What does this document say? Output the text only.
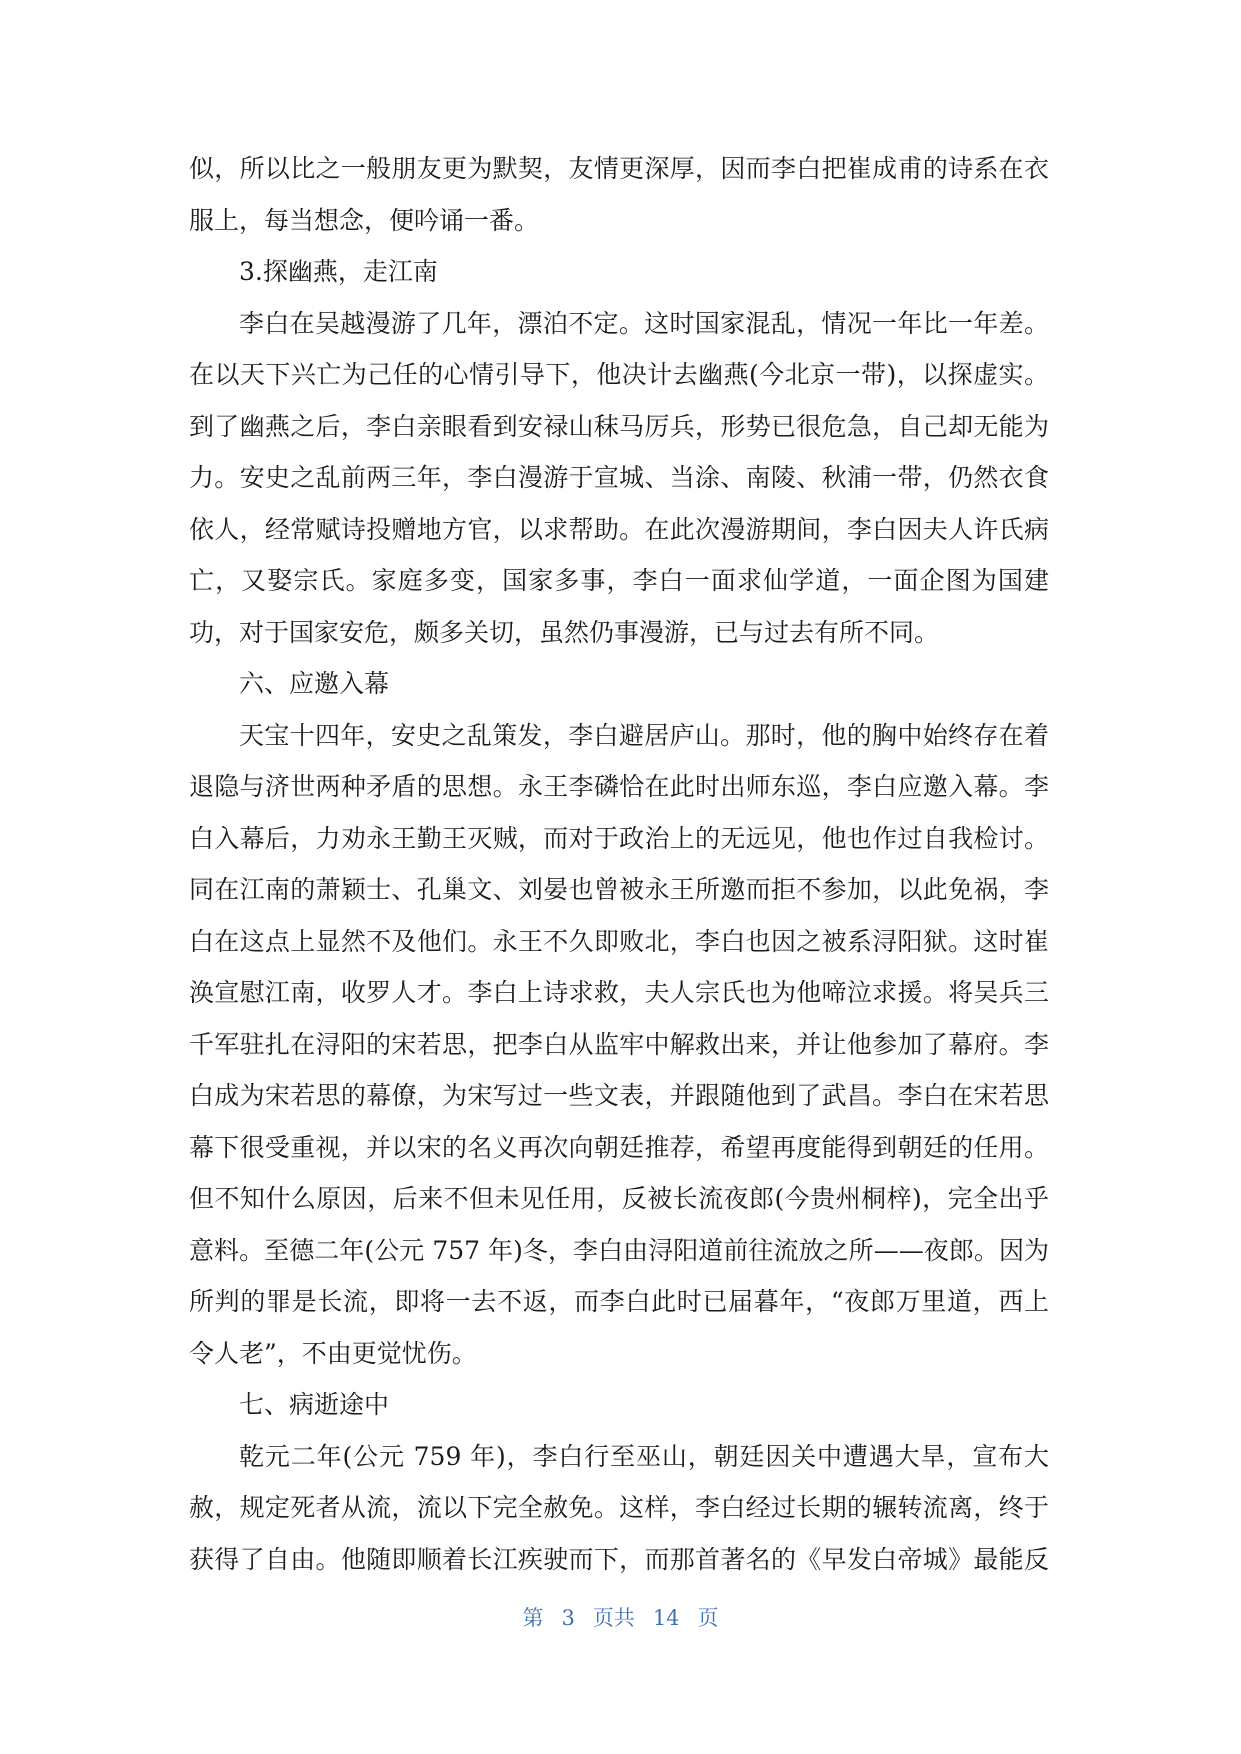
似，所以比之一般朋友更为默契，友情更深厚，因而李白把崔成甫的诗系在衣
服上，每当想念，便吟诵一番。
3.探幽燕，走江南
李白在吴越漫游了几年，漂泊不定。这时国家混乱，情况一年比一年差。
在以天下兴亡为己任的心情引导下，他决计去幽燕(今北京一带)，以探虚实。
到了幽燕之后，李白亲眼看到安禄山秣马厉兵，形势已很危急，自己却无能为
力。安史之乱前两三年，李白漫游于宣城、当涂、南陵、秋浦一带，仍然衣食
依人，经常赋诗投赠地方官，以求帮助。在此次漫游期间，李白因夫人许氏病
亡，又娶宗氏。家庭多变，国家多事，李白一面求仙学道，一面企图为国建
功，对于国家安危，颇多关切，虽然仍事漫游，已与过去有所不同。
六、应邀入幕
天宝十四年，安史之乱策发，李白避居庐山。那时，他的胸中始终存在着
退隐与济世两种矛盾的思想。永王李磷恰在此时出师东巡，李白应邀入幕。李
白入幕后，力劝永王勤王灭贼，而对于政治上的无远见，他也作过自我检讨。
同在江南的萧颖士、孔巢文、刘晏也曾被永王所邀而拒不参加，以此免祸，李
白在这点上显然不及他们。永王不久即败北，李白也因之被系浔阳狱。这时崔
涣宣慰江南，收罗人才。李白上诗求救，夫人宗氏也为他啼泣求援。将吴兵三
千军驻扎在浔阳的宋若思，把李白从监牢中解救出来，并让他参加了幕府。李
白成为宋若思的幕僚，为宋写过一些文表，并跟随他到了武昌。李白在宋若思
幕下很受重视，并以宋的名义再次向朝廷推荐，希望再度能得到朝廷的任用。
但不知什么原因，后来不但未见任用，反被长流夜郎(今贵州桐梓)，完全出乎
意料。至德二年(公元 757 年)冬，李白由浔阳道前往流放之所——夜郎。因为
所判的罪是长流，即将一去不返，而李白此时已届暮年，“夜郎万里道，西上
令人老”，不由更觉忧伤。
七、病逝途中
乾元二年(公元 759 年)，李白行至巫山，朝廷因关中遭遇大旱，宣布大
赦，规定死者从流，流以下完全赦免。这样，李白经过长期的辗转流离，终于
获得了自由。他随即顺着长江疾驶而下，而那首著名的《早发白帝城》最能反
第 3 页共 14 页
